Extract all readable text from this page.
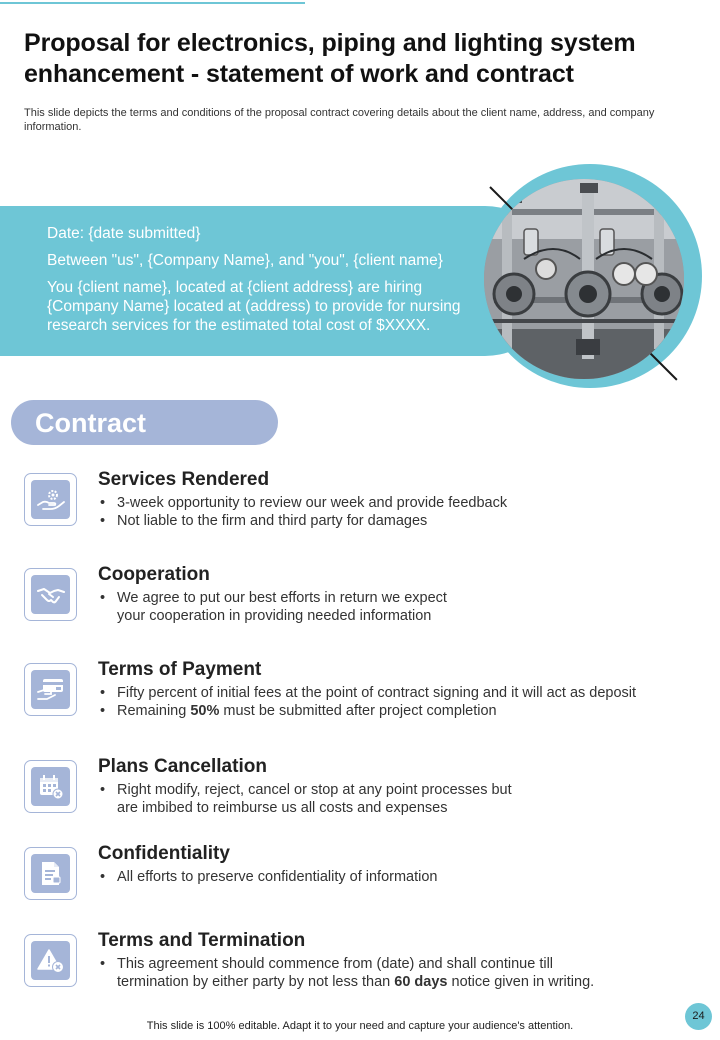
Proposal for electronics, piping and lighting system enhancement - statement of work and contract

This slide depicts the terms and conditions of the proposal contract covering details about the client name, address, and company information.

Date: {date submitted}

Between "us", {Company Name}, and "you", {client name}

You {client name}, located at {client address} are hiring {Company Name} located at (address) to provide for nursing research services for the estimated total cost of $XXXX.

Contract
Services Rendered
• 3-week opportunity to review our week and provide feedback
• Not liable to the firm and third party for damages
Cooperation
• We agree to put our best efforts in return we expect your cooperation in providing needed information
Terms of Payment
• Fifty percent of initial fees at the point of contract signing and it will act as deposit
• Remaining 50% must be submitted after project completion
Plans Cancellation
• Right modify, reject, cancel or stop at any point processes but are imbibed to reimburse us all costs and expenses
Confidentiality
• All efforts to preserve confidentiality of information
Terms and Termination
• This agreement should commence from (date) and shall continue till termination by either party by not less than 60 days notice given in writing.
This slide is 100% editable. Adapt it to your need and capture your audience's attention.
24
